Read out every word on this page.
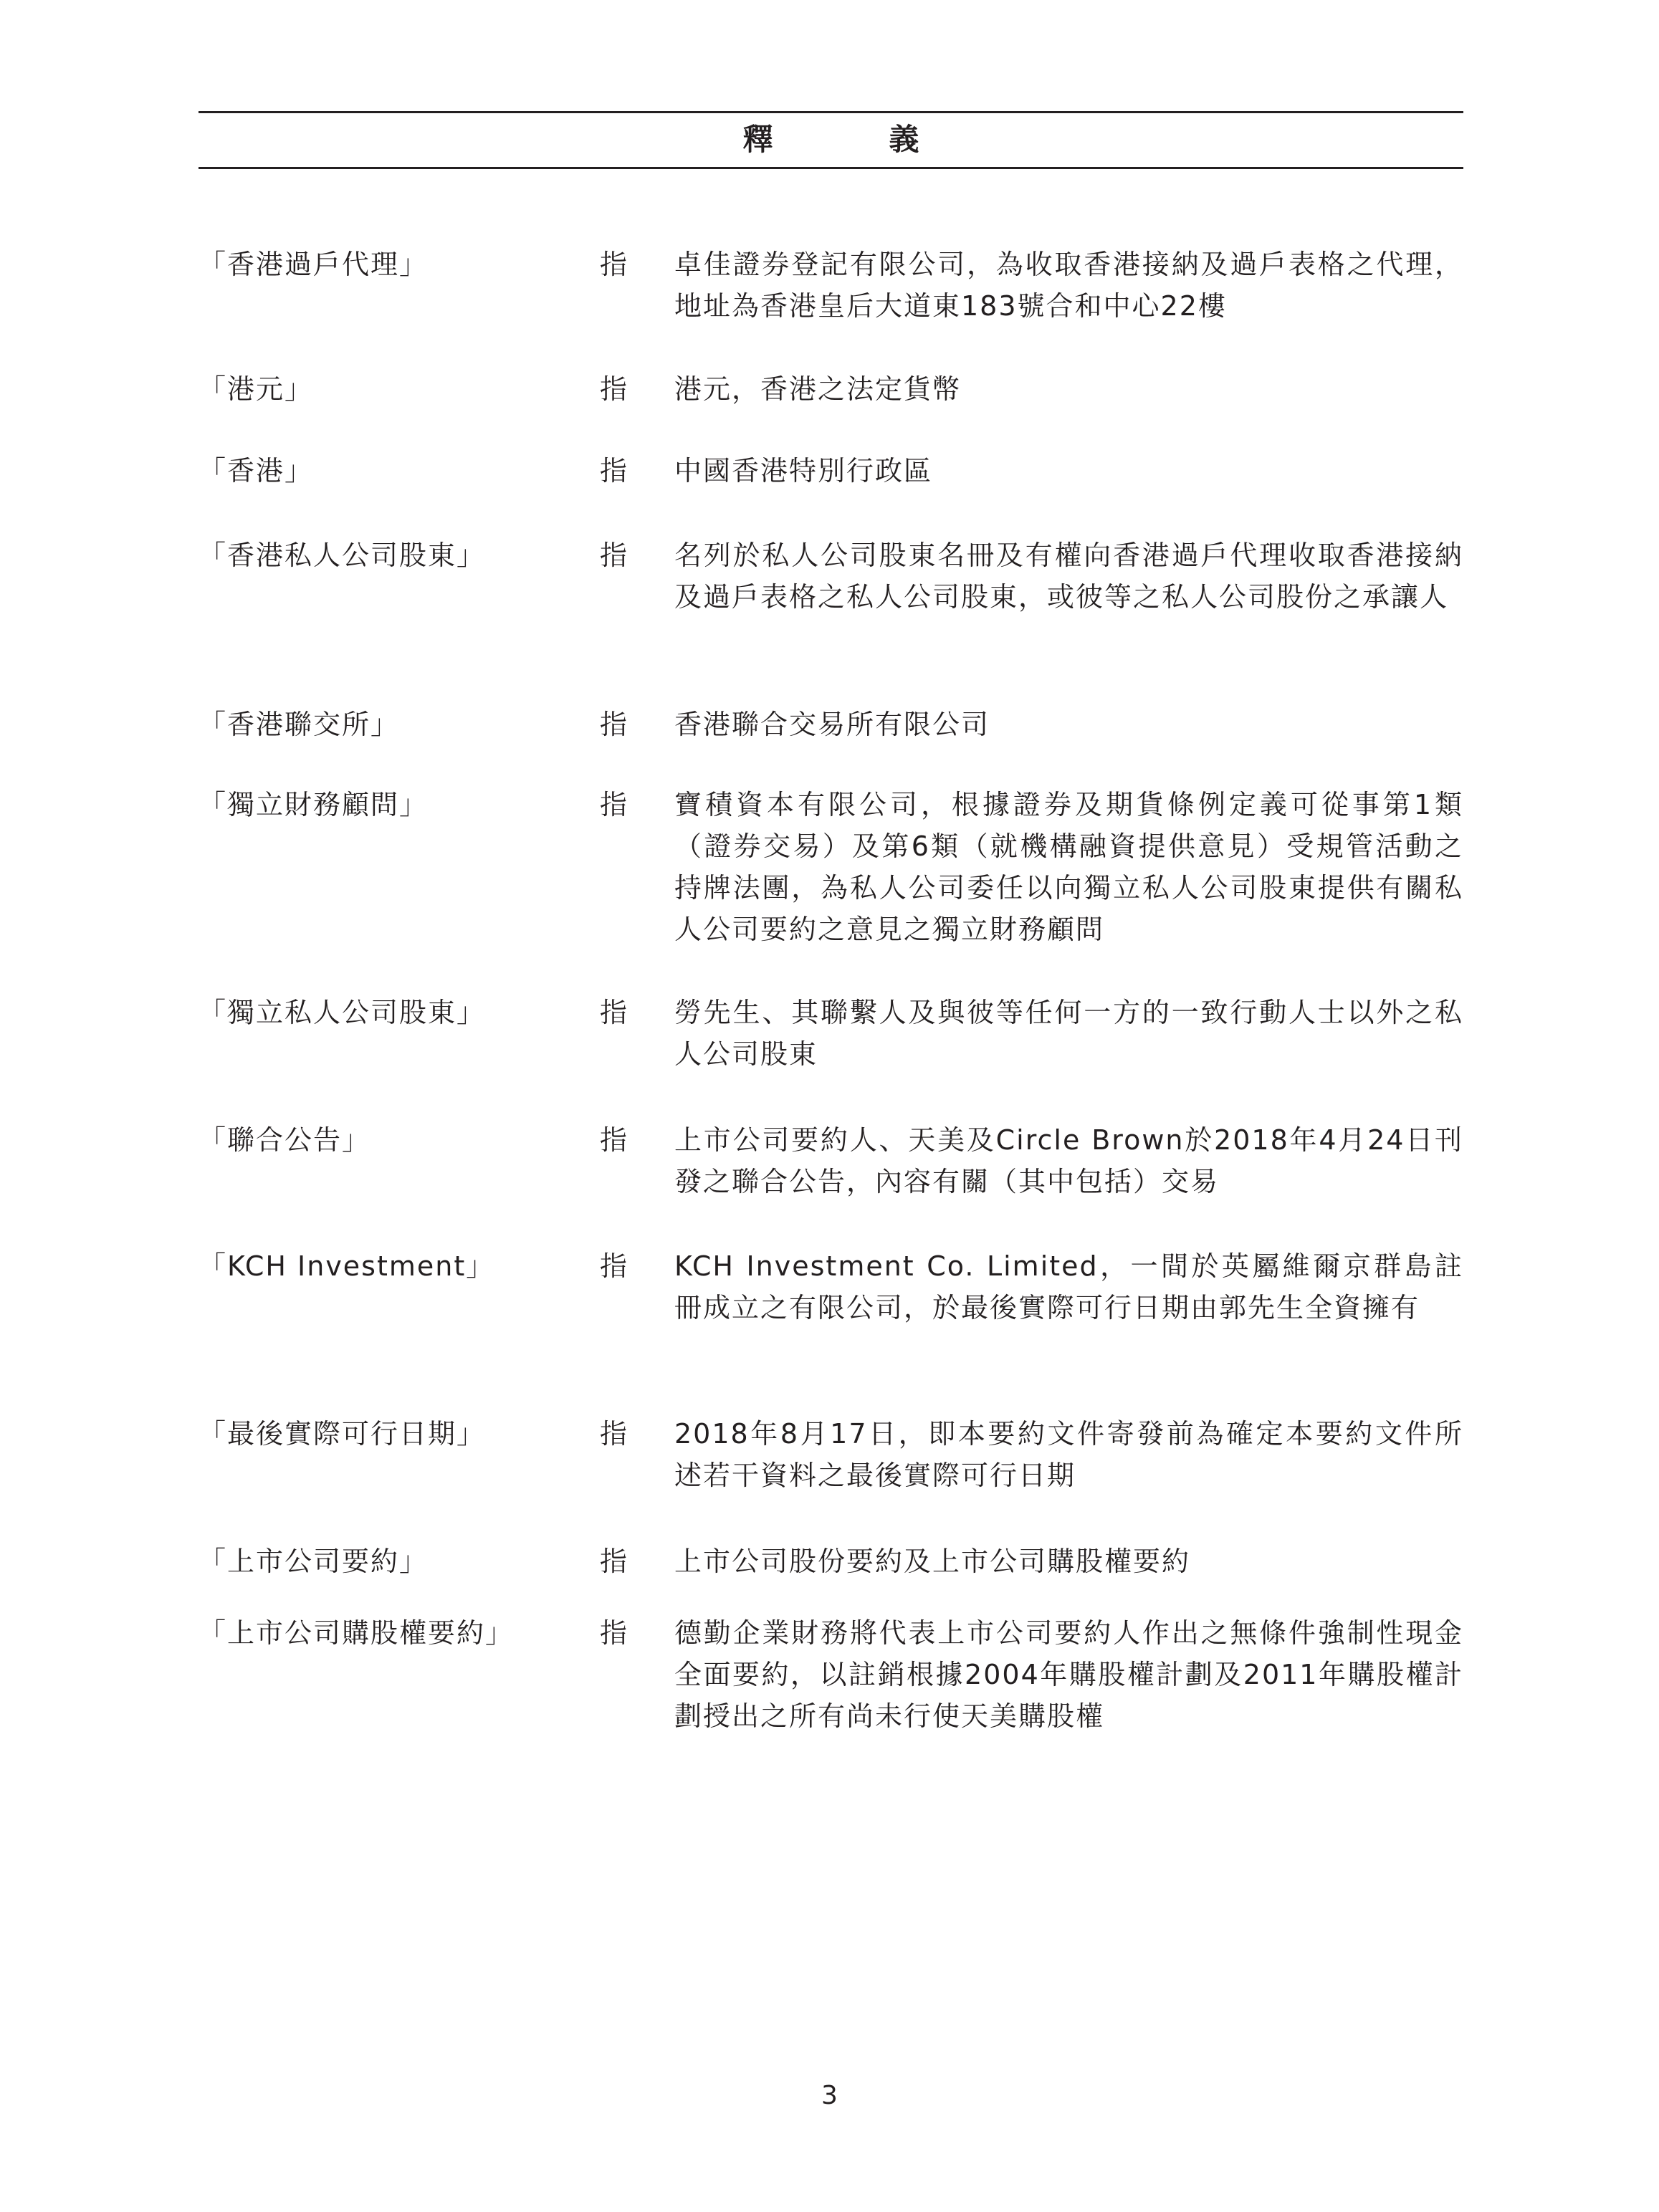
釋　義
「香港過戶代理」	指	卓佳證券登記有限公司，為收取香港接納及過戶表格之代理，地址為香港皇后大道東183號合和中心22樓
「港元」	指	港元，香港之法定貨幣
「香港」	指	中國香港特別行政區
「香港私人公司股東」	指	名列於私人公司股東名冊及有權向香港過戶代理收取香港接納及過戶表格之私人公司股東，或彼等之私人公司股份之承讓人
「香港聯交所」	指	香港聯合交易所有限公司
「獨立財務顧問」	指	寶積資本有限公司，根據證券及期貨條例定義可從事第1類（證券交易）及第6類（就機構融資提供意見）受規管活動之持牌法團，為私人公司委任以向獨立私人公司股東提供有關私人公司要約之意見之獨立財務顧問
「獨立私人公司股東」	指	勞先生、其聯繫人及與彼等任何一方的一致行動人士以外之私人公司股東
「聯合公告」	指	上市公司要約人、天美及Circle Brown於2018年4月24日刊發之聯合公告，內容有關（其中包括）交易
「KCH Investment」	指	KCH Investment Co. Limited，一間於英屬維爾京群島註冊成立之有限公司，於最後實際可行日期由郭先生全資擁有
「最後實際可行日期」	指	2018年8月17日，即本要約文件寄發前為確定本要約文件所述若干資料之最後實際可行日期
「上市公司要約」	指	上市公司股份要約及上市公司購股權要約
「上市公司購股權要約」	指	德勤企業財務將代表上市公司要約人作出之無條件強制性現金全面要約，以註銷根據2004年購股權計劃及2011年購股權計劃授出之所有尚未行使天美購股權
3
